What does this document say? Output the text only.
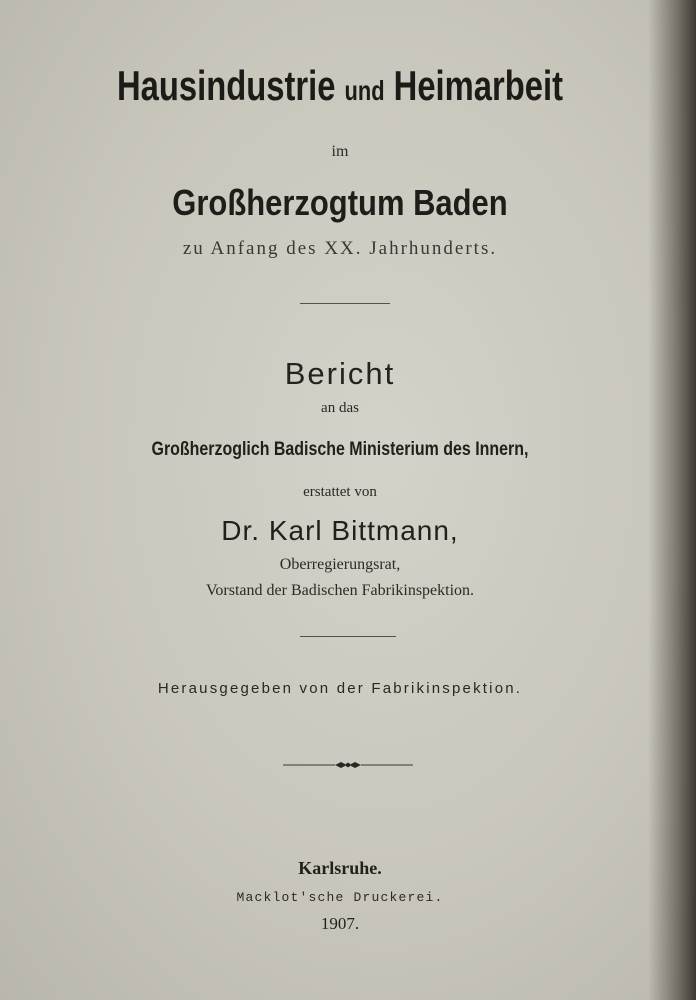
Hausindustrie und Heimarbeit
im
Großherzogtum Baden
zu Anfang des XX. Jahrhunderts.
Bericht
an das
Großherzoglich Badische Ministerium des Innern,
erstattet von
Dr. Karl Bittmann,
Oberregierungsrat,
Vorstand der Badischen Fabrikinspektion.
Herausgegeben von der Fabrikinspektion.
Karlsruhe.
Macklot'sche Druckerei.
1907.
